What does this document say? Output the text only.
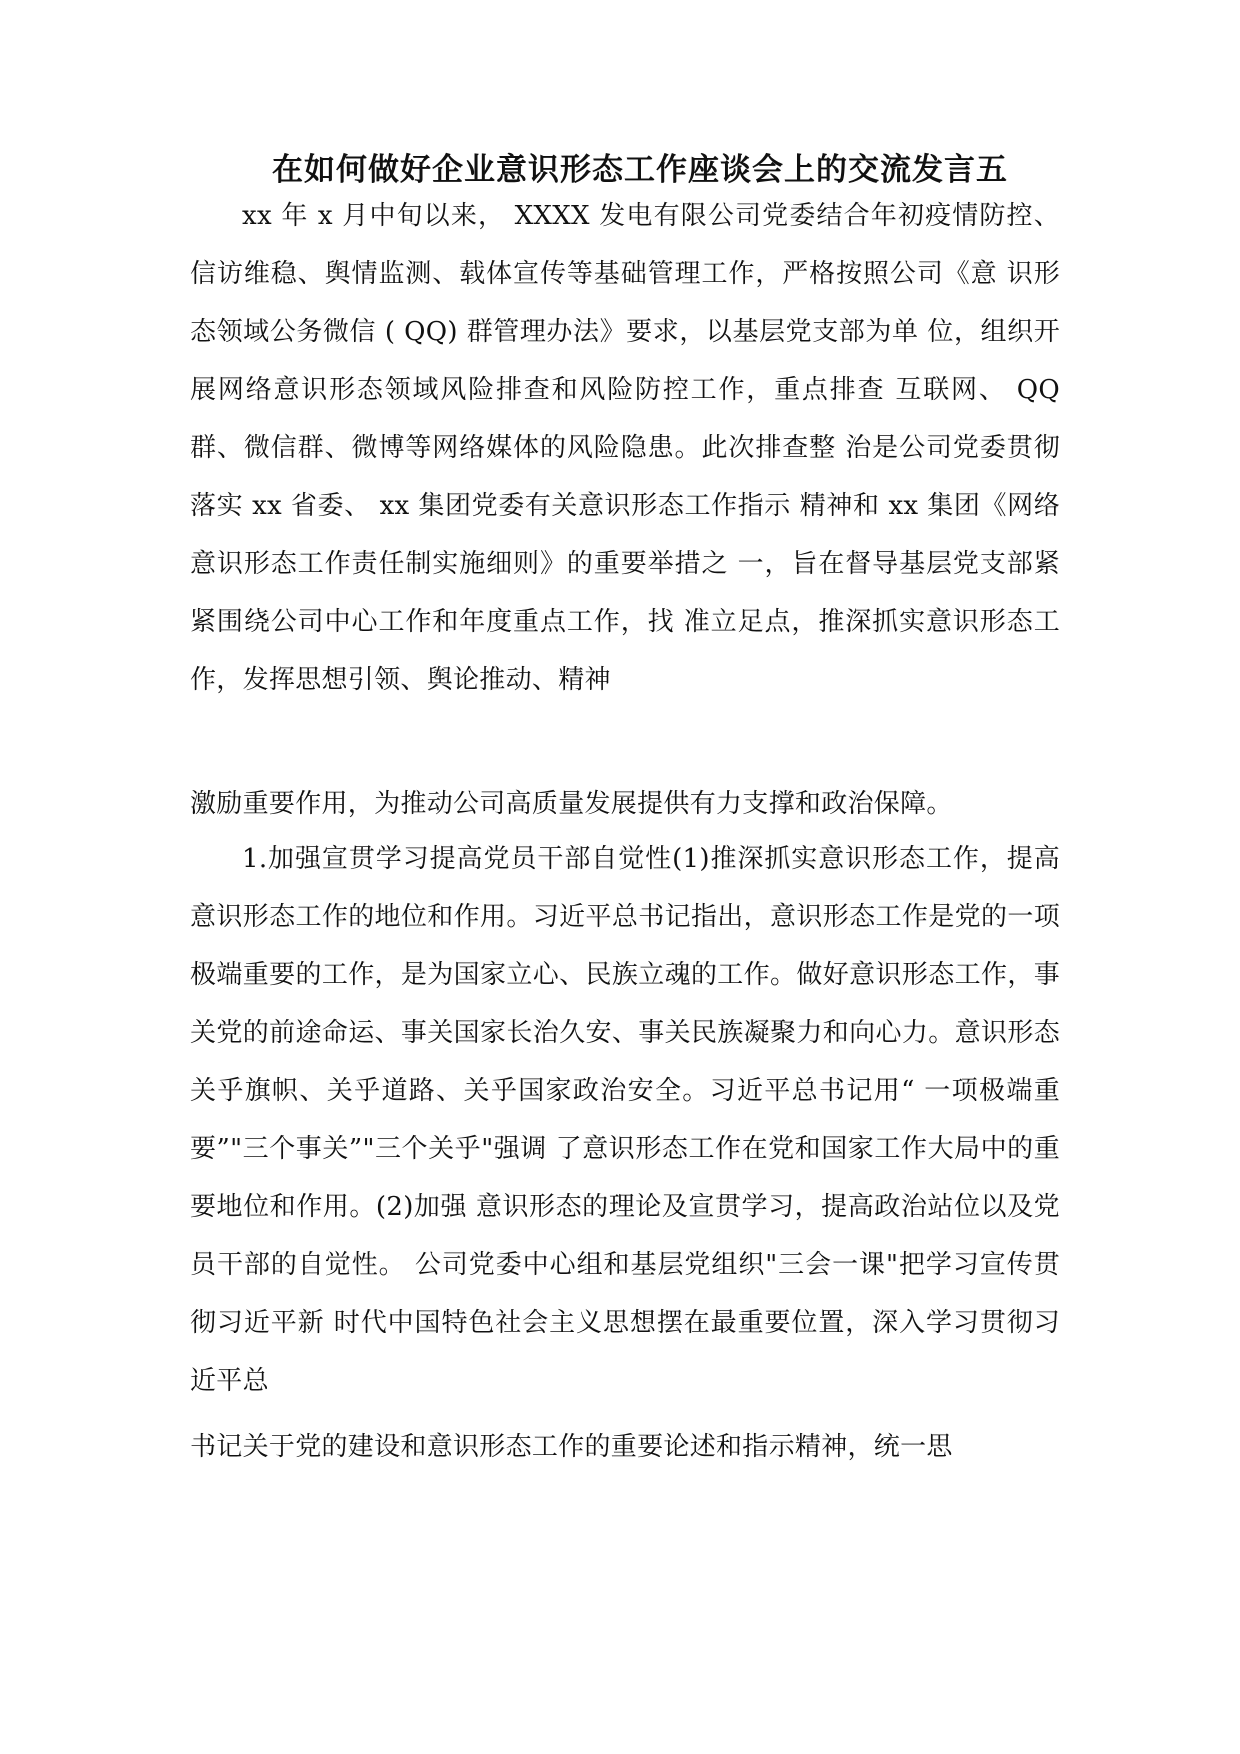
在如何做好企业意识形态工作座谈会上的交流发言五

xx 年 x 月中旬以来， XXXX 发电有限公司党委结合年初疫情防控、 信访维稳、舆情监测、载体宣传等基础管理工作，严格按照公司《意 识形态领域公务微信 ( QQ) 群管理办法》要求，以基层党支部为单 位，组织开展网络意识形态领域风险排查和风险防控工作，重点排查 互联网、 QQ 群、微信群、微博等网络媒体的风险隐患。此次排查整 治是公司党委贯彻落实 xx 省委、 xx 集团党委有关意识形态工作指示 精神和 xx 集团《网络意识形态工作责任制实施细则》的重要举措之 一，旨在督导基层党支部紧紧围绕公司中心工作和年度重点工作，找 准立足点，推深抓实意识形态工作，发挥思想引领、舆论推动、精神

激励重要作用，为推动公司高质量发展提供有力支撑和政治保障。

1.加强宣贯学习提高党员干部自觉性(1)推深抓实意识形态工作，提高意识形态工作的地位和作用。习近平总书记指出，意识形态工作是党的一项极端重要的工作，是为国家立心、民族立魂的工作。做好意识形态工作，事关党的前途命运、事关国家长治久安、事关民族凝聚力和向心力。意识形态关乎旗帜、关乎道路、关乎国家政治安全。习近平总书记用“ 一项极端重要”"三个事关”"三个关乎"强调 了意识形态工作在党和国家工作大局中的重要地位和作用。(2)加强 意识形态的理论及宣贯学习，提高政治站位以及党员干部的自觉性。 公司党委中心组和基层党组织"三会一课"把学习宣传贯彻习近平新 时代中国特色社会主义思想摆在最重要位置，深入学习贯彻习近平总

书记关于党的建设和意识形态工作的重要论述和指示精神，统一思
